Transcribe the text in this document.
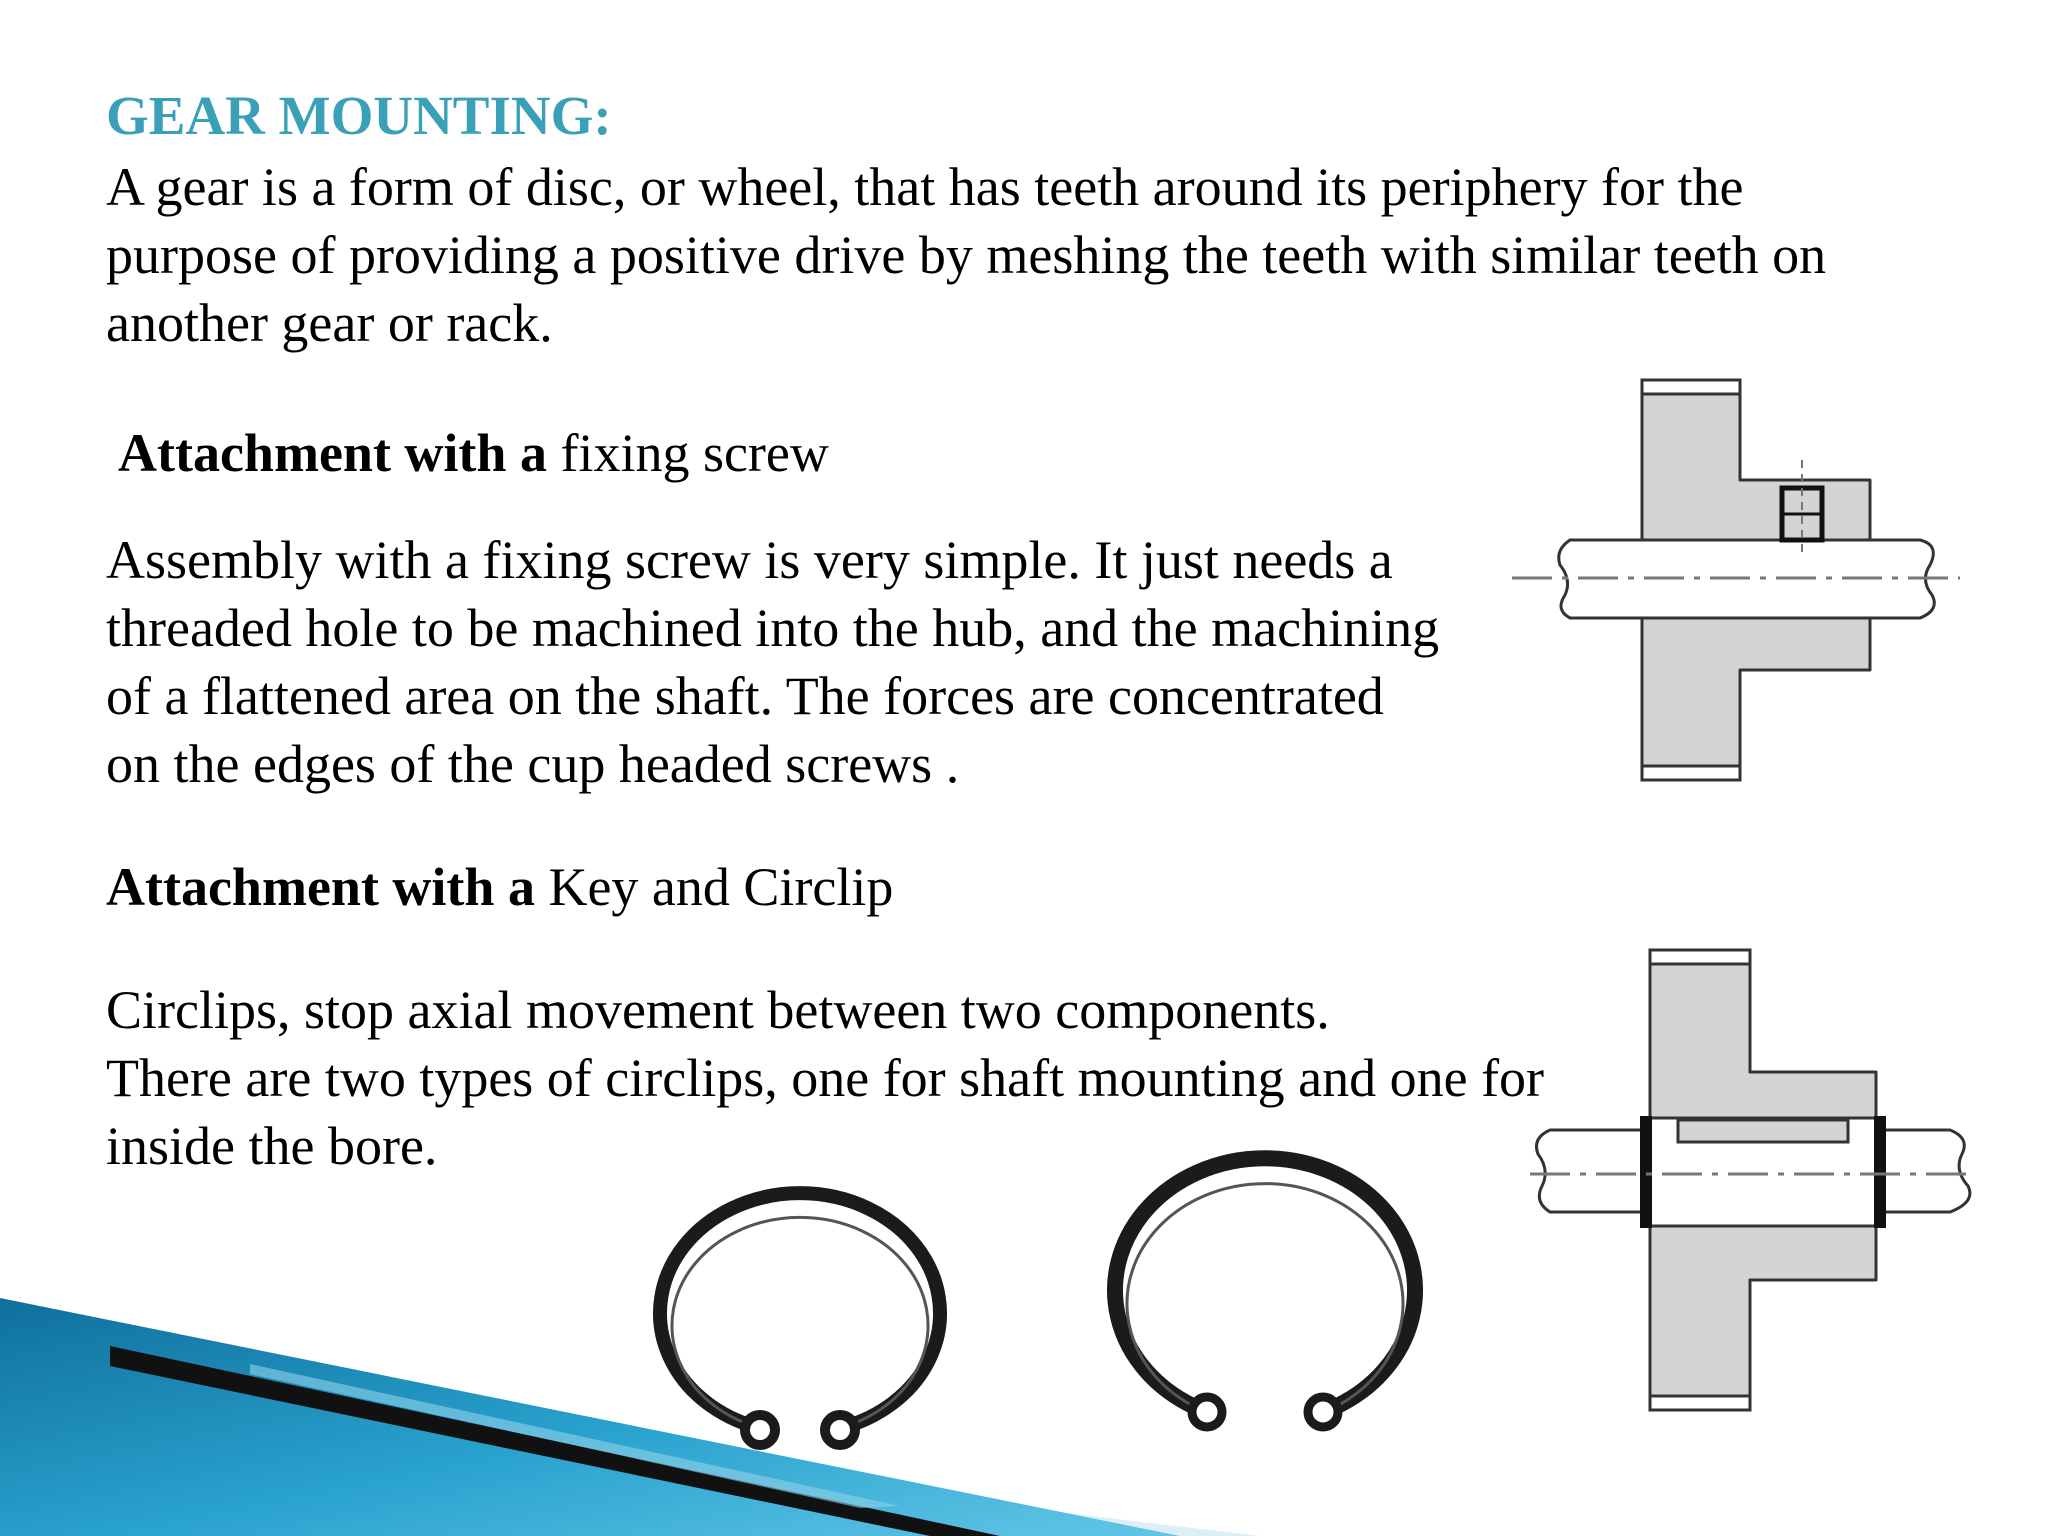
GEAR MOUNTING:

A gear is a form of disc, or wheel, that has teeth around its periphery for the

purpose of providing a positive drive by meshing the teeth with similar teeth on

another gear or rack.

Attachment with a fixing screw

Assembly with a fixing screw is very simple. It just needs a

threaded hole to be machined into the hub, and the machining

of a flattened area on the shaft. The forces are concentrated

on the edges of the cup headed screws .

Attachment with a Key and Circlip

Circlips, stop axial movement between two components.

There are two types of circlips, one for shaft mounting and one for

inside the bore.
